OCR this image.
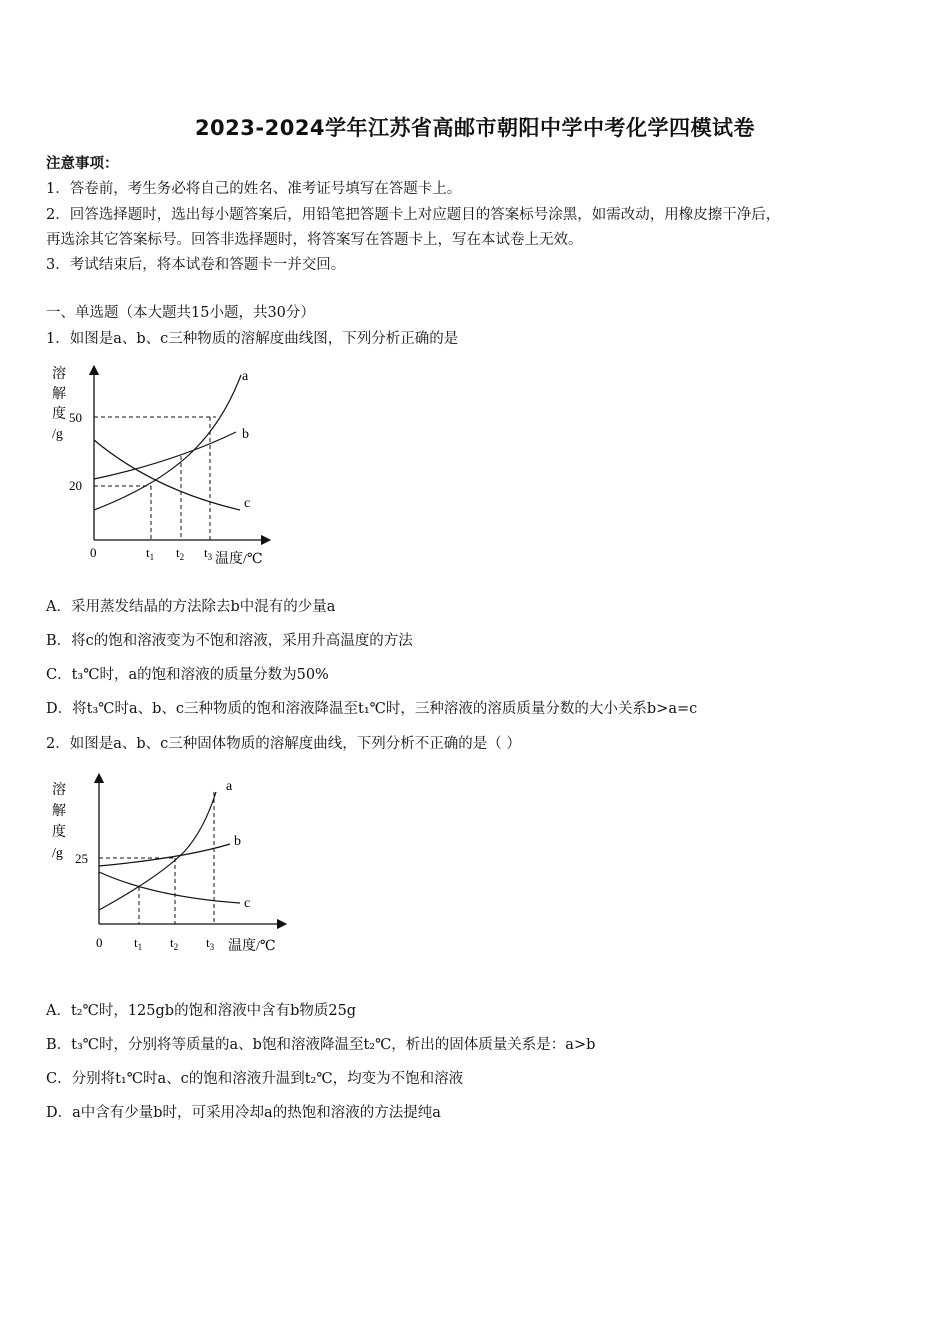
2023-2024学年江苏省高邮市朝阳中学中考化学四模试卷
注意事项：
1．答卷前，考生务必将自己的姓名、准考证号填写在答题卡上。
2．回答选择题时，选出每小题答案后，用铅笔把答题卡上对应题目的答案标号涂黑，如需改动，用橡皮擦干净后，
再选涂其它答案标号。回答非选择题时，将答案写在答题卡上，写在本试卷上无效。
3．考试结束后，将本试卷和答题卡一并交回。
一、单选题（本大题共15小题，共30分）
1．如图是a、b、c三种物质的溶解度曲线图，下列分析正确的是
溶
解
度
/g
50
20
0	$t_1$ $t_2$ $t_3$ 温度/℃
a
b
c
A．采用蒸发结晶的方法除去b中混有的少量a
B．将c的饱和溶液变为不饱和溶液，采用升高温度的方法
C．t₃℃时，a的饱和溶液的质量分数为50%
D．将t₃℃时a、b、c三种物质的饱和溶液降温至t₁℃时，三种溶液的溶质质量分数的大小关系b>a=c
2．如图是a、b、c三种固体物质的溶解度曲线，下列分析不正确的是（ ）
溶
解
度
/g 25
0 $t_1$ $t_2$ $t_3$ 温度/℃
a
b
c
A．t₂℃时，125gb的饱和溶液中含有b物质25g
B．t₃℃时，分别将等质量的a、b饱和溶液降温至t₂℃，析出的固体质量关系是：a>b
C．分别将t₁℃时a、c的饱和溶液升温到t₂℃，均变为不饱和溶液
D．a中含有少量b时，可采用冷却a的热饱和溶液的方法提纯a
